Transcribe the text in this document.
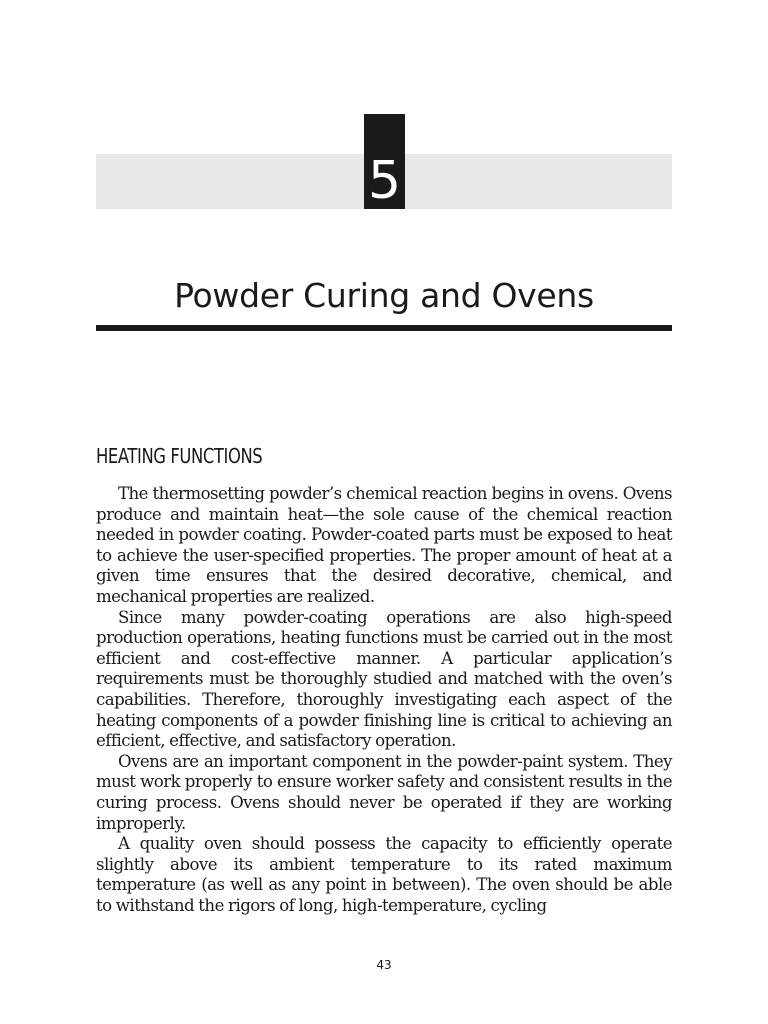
5
Powder Curing and Ovens
HEATING FUNCTIONS

The thermosetting powder’s chemical reaction begins in ovens. Ovens produce and maintain heat—the sole cause of the chemical reaction needed in powder coating. Powder-coated parts must be exposed to heat to achieve the user-specified properties. The proper amount of heat at a given time ensures that the desired decorative, chemical, and mechanical properties are realized.

Since many powder-coating operations are also high-speed production operations, heating functions must be carried out in the most efficient and cost-effective manner. A particular application’s requirements must be thoroughly studied and matched with the oven’s capabilities. Therefore, thoroughly investigating each aspect of the heating components of a powder finishing line is critical to achieving an efficient, effective, and satisfactory operation.

Ovens are an important component in the powder-paint system. They must work properly to ensure worker safety and consistent results in the curing process. Ovens should never be operated if they are working improperly.

A quality oven should possess the capacity to efficiently operate slightly above its ambient temperature to its rated maximum temperature (as well as any point in between). The oven should be able to withstand the rigors of long, high-temperature, cycling

43
